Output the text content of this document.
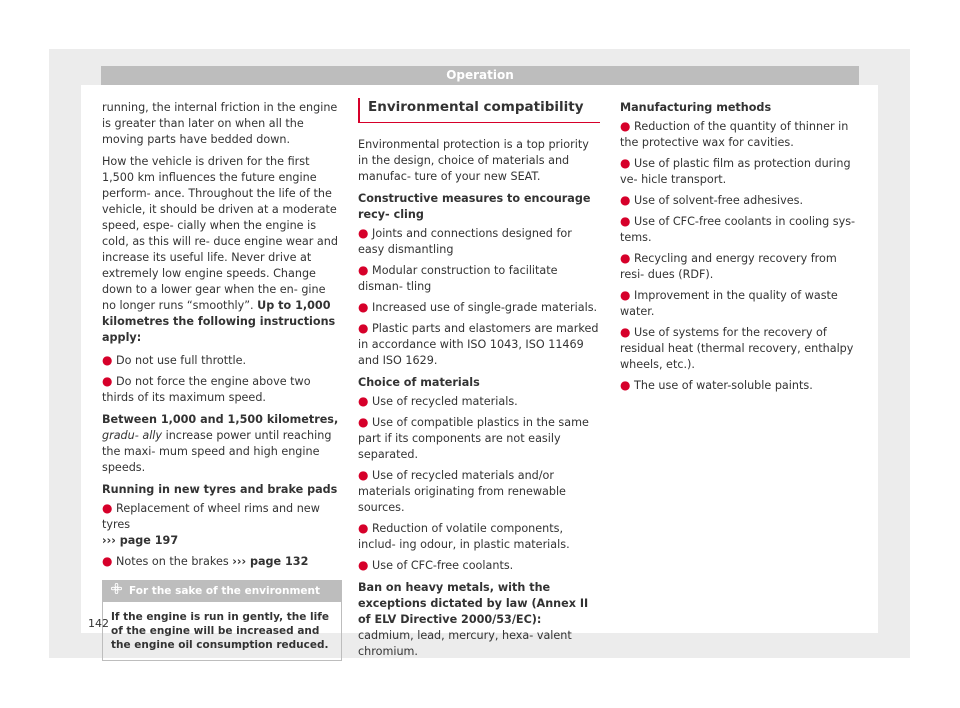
Operation

running, the internal friction in the engine is greater than later on when all the moving parts have bedded down.

How the vehicle is driven for the first 1,500 km influences the future engine perform- ance. Throughout the life of the vehicle, it should be driven at a moderate speed, espe- cially when the engine is cold, as this will re- duce engine wear and increase its useful life. Never drive at extremely low engine speeds. Change down to a lower gear when the en- gine no longer runs “smoothly”. Up to 1,000 kilometres the following instructions apply:

● Do not use full throttle.
● Do not force the engine above two thirds of its maximum speed.

Between 1,000 and 1,500 kilometres, gradu- ally increase power until reaching the maxi- mum speed and high engine speeds.

Running in new tyres and brake pads

● Replacement of wheel rims and new tyres
››› page 197
● Notes on the brakes ››› page 132
For the sake of the environment
If the engine is run in gently, the life of the engine will be increased and the engine oil consumption reduced.
Environmental compatibility

Environmental protection is a top priority in the design, choice of materials and manufac- ture of your new SEAT.

Constructive measures to encourage recy- cling

● Joints and connections designed for easy dismantling
● Modular construction to facilitate disman- tling
● Increased use of single-grade materials.
● Plastic parts and elastomers are marked in accordance with ISO 1043, ISO 11469 and ISO 1629.

Choice of materials

● Use of recycled materials.
● Use of compatible plastics in the same part if its components are not easily separated.
● Use of recycled materials and/or materials originating from renewable sources.
● Reduction of volatile components, includ- ing odour, in plastic materials.
● Use of CFC-free coolants.

Ban on heavy metals, with the exceptions dictated by law (Annex II of ELV Directive 2000/53/EC): cadmium, lead, mercury, hexa- valent chromium.

Manufacturing methods

● Reduction of the quantity of thinner in the protective wax for cavities.
● Use of plastic film as protection during ve- hicle transport.
● Use of solvent-free adhesives.
● Use of CFC-free coolants in cooling sys- tems.
● Recycling and energy recovery from resi- dues (RDF).
● Improvement in the quality of waste water.
● Use of systems for the recovery of residual heat (thermal recovery, enthalpy wheels, etc.).
● The use of water-soluble paints.
142
